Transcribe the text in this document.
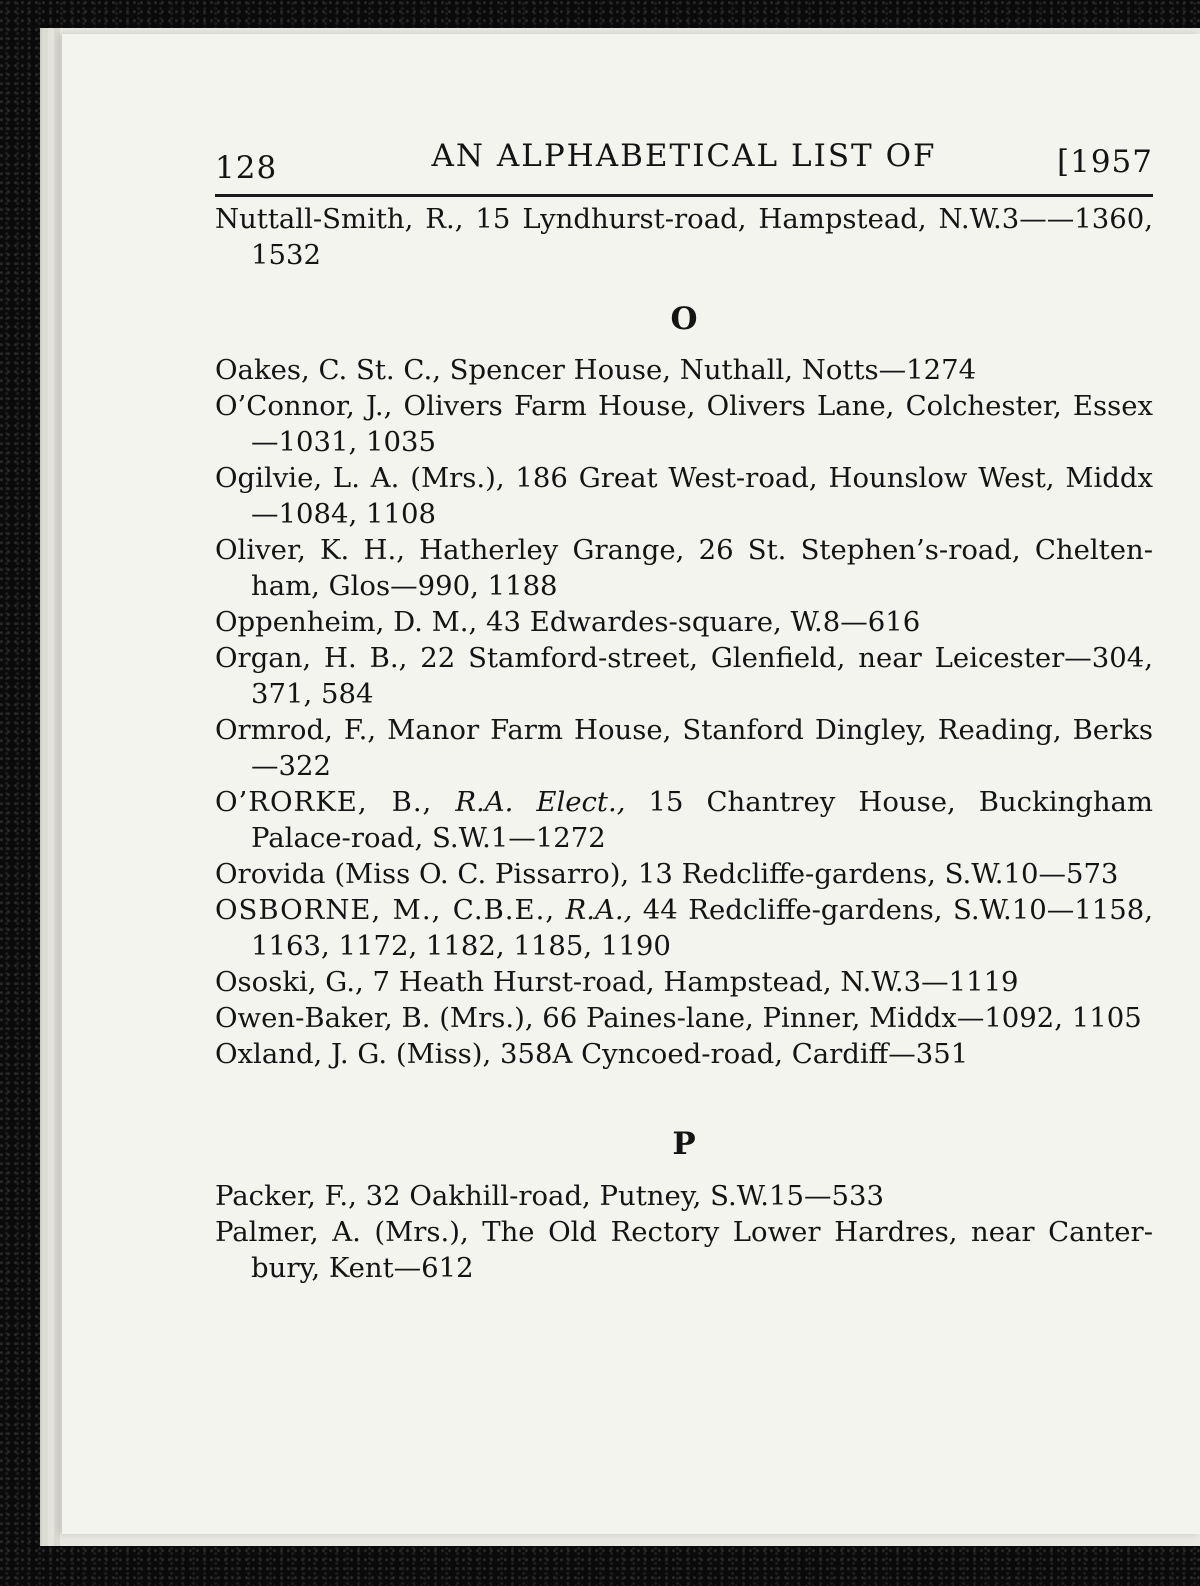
128	AN ALPHABETICAL LIST OF	[1957
Nuttall-Smith, R., 15 Lyndhurst-road, Hampstead, N.W.3——1360, 1532
O
Oakes, C. St. C., Spencer House, Nuthall, Notts—1274
O’Connor, J., Olivers Farm House, Olivers Lane, Colchester, Essex—1031, 1035
Ogilvie, L. A. (Mrs.), 186 Great West-road, Hounslow West, Middx—1084, 1108
Oliver, K. H., Hatherley Grange, 26 St. Stephen’s-road, Chelten-ham, Glos—990, 1188
Oppenheim, D. M., 43 Edwardes-square, W.8—616
Organ, H. B., 22 Stamford-street, Glenfield, near Leicester—304, 371, 584
Ormrod, F., Manor Farm House, Stanford Dingley, Reading, Berks—322
O’RORKE, B., R.A. Elect., 15 Chantrey House, Buckingham Palace-road, S.W.1—1272
Orovida (Miss O. C. Pissarro), 13 Redcliffe-gardens, S.W.10—573
OSBORNE, M., C.B.E., R.A., 44 Redcliffe-gardens, S.W.10—1158, 1163, 1172, 1182, 1185, 1190
Ososki, G., 7 Heath Hurst-road, Hampstead, N.W.3—1119
Owen-Baker, B. (Mrs.), 66 Paines-lane, Pinner, Middx—1092, 1105
Oxland, J. G. (Miss), 358A Cyncoed-road, Cardiff—351
P
Packer, F., 32 Oakhill-road, Putney, S.W.15—533
Palmer, A. (Mrs.), The Old Rectory Lower Hardres, near Canter-bury, Kent—612
